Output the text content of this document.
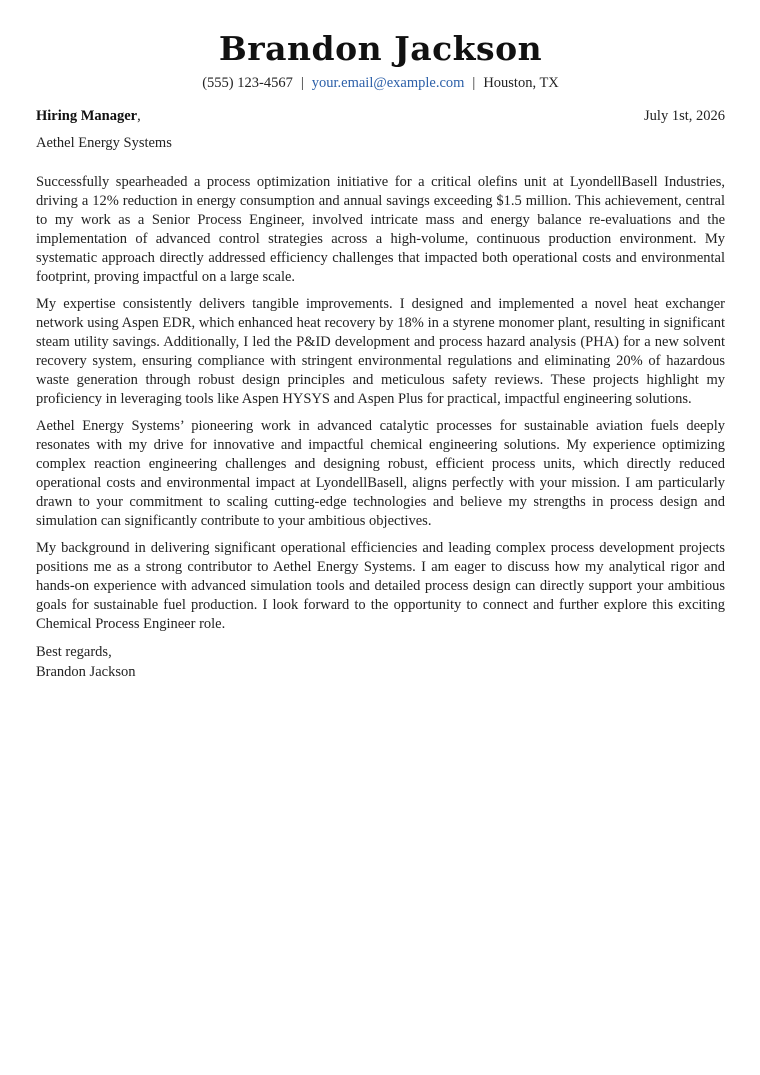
Brandon Jackson
(555) 123-4567 | your.email@example.com | Houston, TX
Hiring Manager,	July 1st, 2026
Aethel Energy Systems

Successfully spearheaded a process optimization initiative for a critical olefins unit at LyondellBasell Industries, driving a 12% reduction in energy consumption and annual savings exceeding $1.5 million. This achievement, central to my work as a Senior Process Engineer, involved intricate mass and energy balance re-evaluations and the implementation of advanced control strategies across a high-volume, continuous production environment. My systematic approach directly addressed efficiency challenges that impacted both operational costs and environmental footprint, proving impactful on a large scale.

My expertise consistently delivers tangible improvements. I designed and implemented a novel heat exchanger network using Aspen EDR, which enhanced heat recovery by 18% in a styrene monomer plant, resulting in significant steam utility savings. Additionally, I led the P&ID development and process hazard analysis (PHA) for a new solvent recovery system, ensuring compliance with stringent environmental regulations and eliminating 20% of hazardous waste generation through robust design principles and meticulous safety reviews. These projects highlight my proficiency in leveraging tools like Aspen HYSYS and Aspen Plus for practical, impactful engineering solutions.

Aethel Energy Systems’ pioneering work in advanced catalytic processes for sustainable aviation fuels deeply resonates with my drive for innovative and impactful chemical engineering solutions. My experience optimizing complex reaction engineering challenges and designing robust, efficient process units, which directly reduced operational costs and environmental impact at LyondellBasell, aligns perfectly with your mission. I am particularly drawn to your commitment to scaling cutting-edge technologies and believe my strengths in process design and simulation can significantly contribute to your ambitious objectives.

My background in delivering significant operational efficiencies and leading complex process development projects positions me as a strong contributor to Aethel Energy Systems. I am eager to discuss how my analytical rigor and hands-on experience with advanced simulation tools and detailed process design can directly support your ambitious goals for sustainable fuel production. I look forward to the opportunity to connect and further explore this exciting Chemical Process Engineer role.

Best regards,
Brandon Jackson
